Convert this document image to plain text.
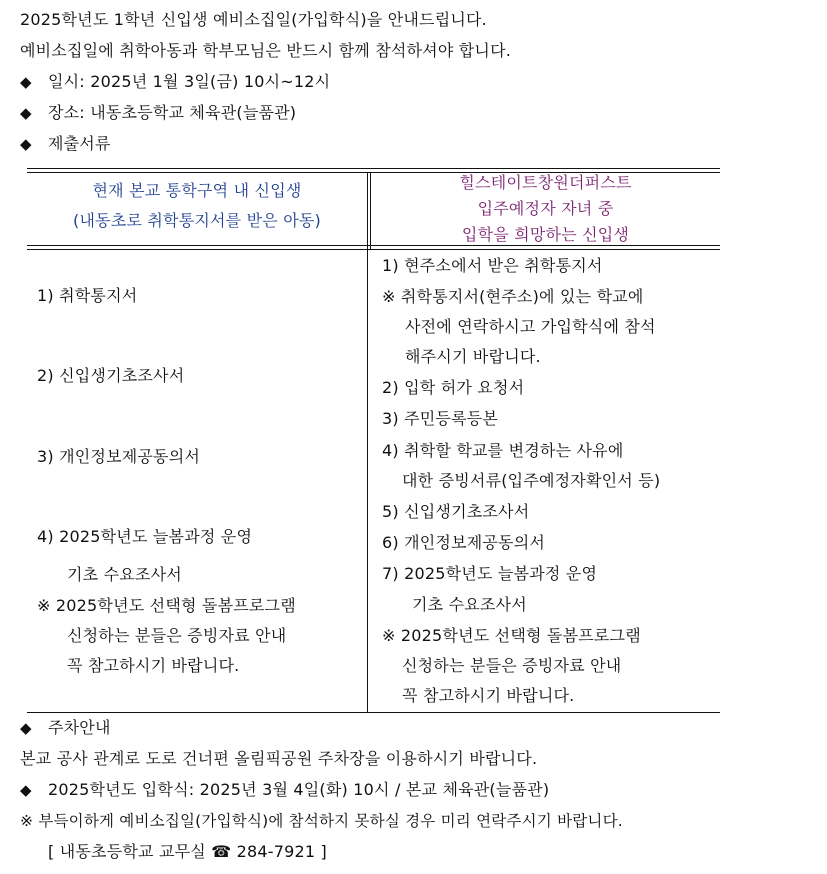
2025학년도 1학년 신입생 예비소집일(가입학식)을 안내드립니다.
예비소집일에 취학아동과 학부모님은 반드시 함께 참석하셔야 합니다.
◆ 일시: 2025년 1월 3일(금) 10시~12시
◆ 장소: 내동초등학교 체육관(늘품관)
◆ 제출서류
현재 본교 통학구역 내 신입생
(내동초로 취학통지서를 받은 아동)
힐스테이트창원더퍼스트
입주예정자 자녀 중
입학을 희망하는 신입생
1) 취학통지서
2) 신입생기초조사서
3) 개인정보제공동의서
4) 2025학년도 늘봄과정 운영
기초 수요조사서
※ 2025학년도 선택형 돌봄프로그램
신청하는 분들은 증빙자료 안내
꼭 참고하시기 바랍니다.
1) 현주소에서 받은 취학통지서
※ 취학통지서(현주소)에 있는 학교에
사전에 연락하시고 가입학식에 참석
해주시기 바랍니다.
2) 입학 허가 요청서
3) 주민등록등본
4) 취학할 학교를 변경하는 사유에
대한 증빙서류(입주예정자확인서 등)
5) 신입생기초조사서
6) 개인정보제공동의서
7) 2025학년도 늘봄과정 운영
기초 수요조사서
※ 2025학년도 선택형 돌봄프로그램
신청하는 분들은 증빙자료 안내
꼭 참고하시기 바랍니다.
◆ 주차안내
본교 공사 관계로 도로 건너편 올림픽공원 주차장을 이용하시기 바랍니다.
◆ 2025학년도 입학식: 2025년 3월 4일(화) 10시 / 본교 체육관(늘품관)
※ 부득이하게 예비소집일(가입학식)에 참석하지 못하실 경우 미리 연락주시기 바랍니다.
[ 내동초등학교 교무실 ☎ 284-7921 ]
